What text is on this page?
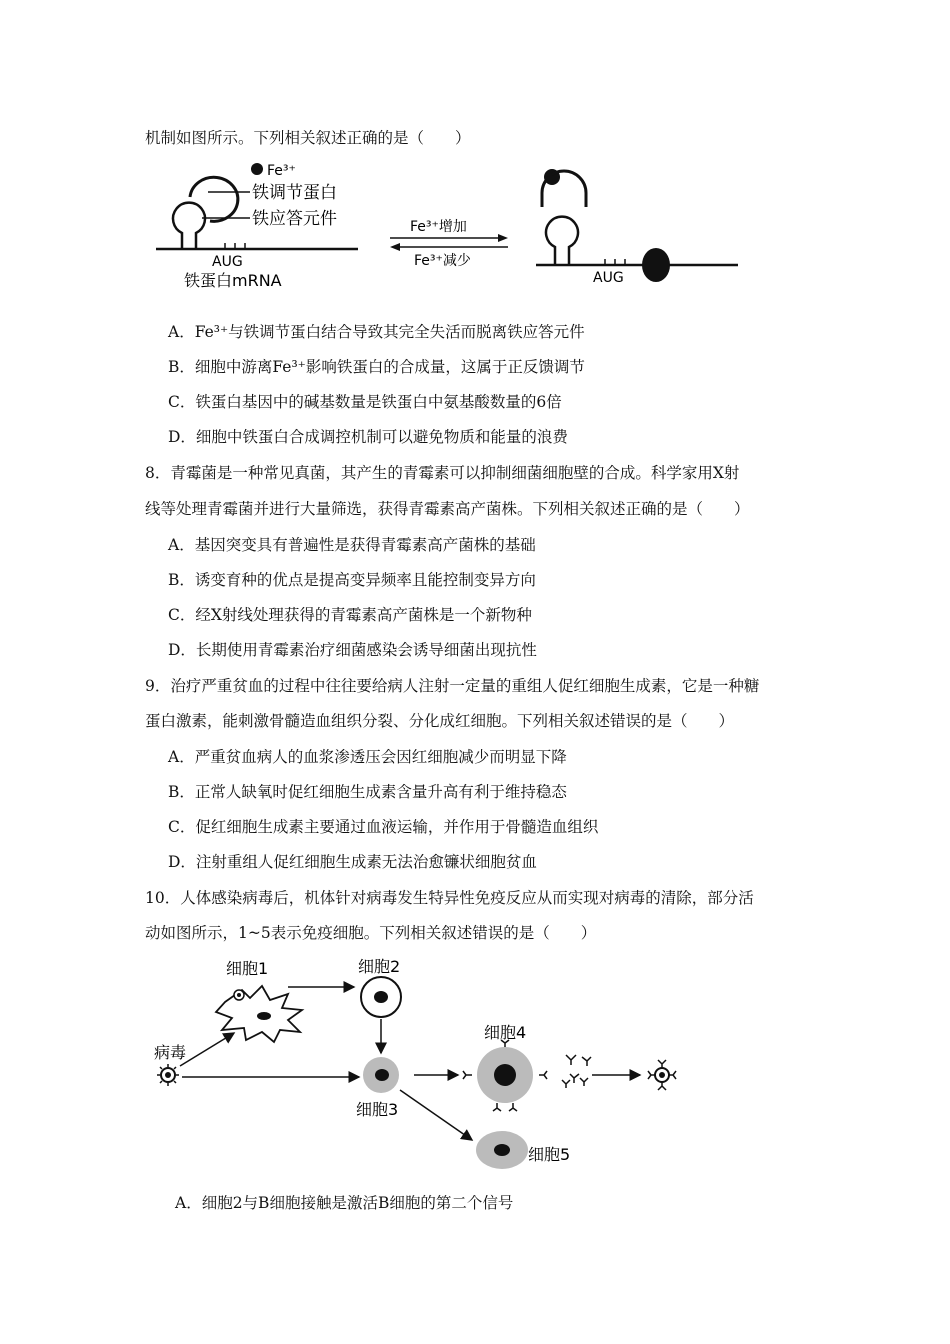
机制如图所示。下列相关叙述正确的是（　　）
Fe³⁺
铁调节蛋白
铁应答元件
AUG
铁蛋白mRNA
Fe³⁺增加
Fe³⁺减少
AUG
A．Fe³⁺与铁调节蛋白结合导致其完全失活而脱离铁应答元件
B．细胞中游离Fe³⁺影响铁蛋白的合成量，这属于正反馈调节
C．铁蛋白基因中的碱基数量是铁蛋白中氨基酸数量的6倍
D．细胞中铁蛋白合成调控机制可以避免物质和能量的浪费
8．青霉菌是一种常见真菌，其产生的青霉素可以抑制细菌细胞壁的合成。科学家用X射
线等处理青霉菌并进行大量筛选，获得青霉素高产菌株。下列相关叙述正确的是（　　）
A．基因突变具有普遍性是获得青霉素高产菌株的基础
B．诱变育种的优点是提高变异频率且能控制变异方向
C．经X射线处理获得的青霉素高产菌株是一个新物种
D．长期使用青霉素治疗细菌感染会诱导细菌出现抗性
9．治疗严重贫血的过程中往往要给病人注射一定量的重组人促红细胞生成素，它是一种糖
蛋白激素，能刺激骨髓造血组织分裂、分化成红细胞。下列相关叙述错误的是（　　）
A．严重贫血病人的血浆渗透压会因红细胞减少而明显下降
B．正常人缺氧时促红细胞生成素含量升高有利于维持稳态
C．促红细胞生成素主要通过血液运输，并作用于骨髓造血组织
D．注射重组人促红细胞生成素无法治愈镰状细胞贫血
10．人体感染病毒后，机体针对病毒发生特异性免疫反应从而实现对病毒的清除，部分活
动如图所示，1~5表示免疫细胞。下列相关叙述错误的是（　　）
细胞1	细胞2
细胞3
细胞4
细胞5
病毒
A．细胞2与B细胞接触是激活B细胞的第二个信号
